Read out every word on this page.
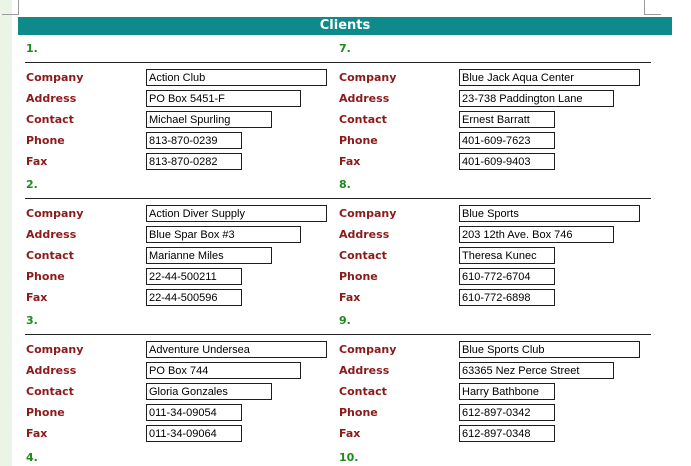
Clients
1.
Company	Action Club
Address	PO Box 5451-F
Contact	Michael Spurling
Phone	813-870-0239
Fax	813-870-0282
2.
Company	Action Diver Supply
Address	Blue Spar Box #3
Contact	Marianne Miles
Phone	22-44-500211
Fax	22-44-500596
3.
Company	Adventure Undersea
Address	PO Box 744
Contact	Gloria Gonzales
Phone	011-34-09054
Fax	011-34-09064
7.
Company	Blue Jack Aqua Center
Address	23-738 Paddington Lane
Contact	Ernest Barratt
Phone	401-609-7623
Fax	401-609-9403
8.
Company	Blue Sports
Address	203 12th Ave. Box 746
Contact	Theresa Kunec
Phone	610-772-6704
Fax	610-772-6898
9.
Company	Blue Sports Club
Address	63365 Nez Perce Street
Contact	Harry Bathbone
Phone	612-897-0342
Fax	612-897-0348
4.	10.
